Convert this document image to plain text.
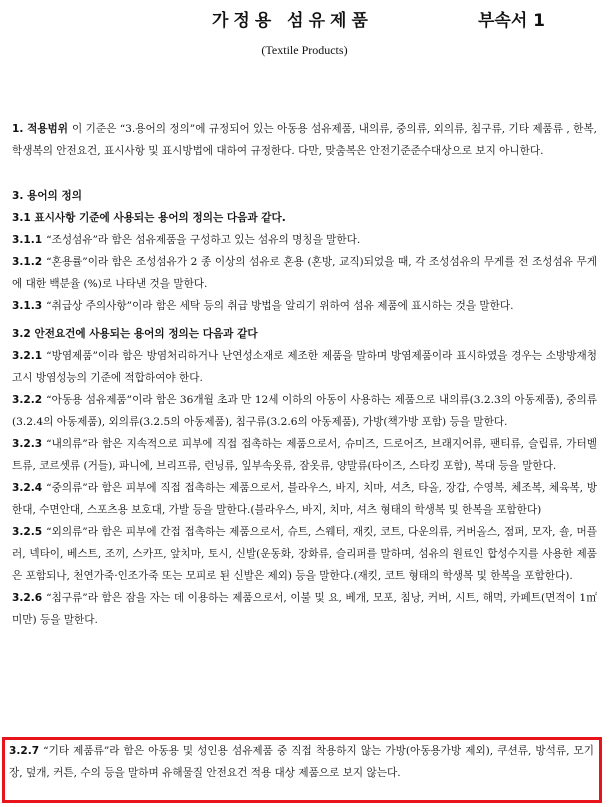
가정용 섬유제품	부속서 1
(Textile Products)

1. 적용범위 이 기준은 “3.용어의 정의”에 규정되어 있는 아동용 섬유제품, 내의류, 중의류, 외의류, 침구류, 기타 제품류 , 한복, 학생복의 안전요건, 표시사항 및 표시방법에 대하여 규정한다. 다만, 맞춤복은 안전기준준수대상으로 보지 아니한다.

3. 용어의 정의

3.1 표시사항 기준에 사용되는 용어의 정의는 다음과 같다.

3.1.1 “조성섬유”라 함은 섬유제품을 구성하고 있는 섬유의 명칭을 말한다.

3.1.2 “혼용률”이라 함은 조성섬유가 2 종 이상의 섬유로 혼용 (혼방, 교직)되었을 때, 각 조성섬유의 무게를 전 조성섬유 무게에 대한 백분율 (%)로 나타낸 것을 말한다.

3.1.3 “취급상 주의사항”이라 함은 세탁 등의 취급 방법을 알리기 위하여 섬유 제품에 표시하는 것을 말한다.

3.2 안전요건에 사용되는 용어의 정의는 다음과 같다

3.2.1 “방염제품”이라 함은 방염처리하거나 난연성소재로 제조한 제품을 말하며 방염제품이라 표시하였을 경우는 소방방재청고시 방염성능의 기준에 적합하여야 한다.

3.2.2 “아동용 섬유제품”이라 함은 36개월 초과 만 12세 이하의 아동이 사용하는 제품으로 내의류(3.2.3의 아동제품), 중의류(3.2.4의 아동제품), 외의류(3.2.5의 아동제품), 침구류(3.2.6의 아동제품), 가방(책가방 포함) 등을 말한다.

3.2.3 “내의류”라 함은 지속적으로 피부에 직접 접촉하는 제품으로서, 슈미즈, 드로어즈, 브래지어류, 팬티류, 슬립류, 가터벨트류, 코르셋류 (거들), 파니에, 브리프류, 런닝류, 잎부속옷류, 잠옷류, 양말류(타이즈, 스타킹 포함), 복대 등을 말한다.

3.2.4 “중의류”라 함은 피부에 직접 접촉하는 제품으로서, 블라우스, 바지, 치마, 셔츠, 타올, 장갑, 수영복, 체조복, 체육복, 방한대, 수면안대, 스포츠용 보호대, 가발 등을 말한다.(블라우스, 바지, 치마, 셔츠 형태의 학생복 및 한복을 포함한다)

3.2.5 “외의류”라 함은 피부에 간접 접촉하는 제품으로서, 슈트, 스웨터, 재킷, 코트, 다운의류, 커버올스, 점퍼, 모자, 숄, 머플러, 넥타이, 베스트, 조끼, 스카프, 앞치마, 토시, 신발(운동화, 장화류, 슬리퍼를 말하며, 섬유의 원료인 합성수지를 사용한 제품은 포함되나, 천연가죽·인조가죽 또는 모피로 된 신발은 제외) 등을 말한다.(재킷, 코트 형태의 학생복 및 한복을 포함한다).

3.2.6 “침구류”라 함은 잠을 자는 데 이용하는 제품으로서, 이불 및 요, 베개, 모포, 침낭, 커버, 시트, 해먹, 카페트(면적이 1㎡미만) 등을 말한다.

3.2.7 “기타 제품류”라 함은 아동용 및 성인용 섬유제품 중 직접 착용하지 않는 가방(아동용가방 제외), 쿠션류, 방석류, 모기장, 덮개, 커튼, 수의 등을 말하며 유해물질 안전요건 적용 대상 제품으로 보지 않는다.
